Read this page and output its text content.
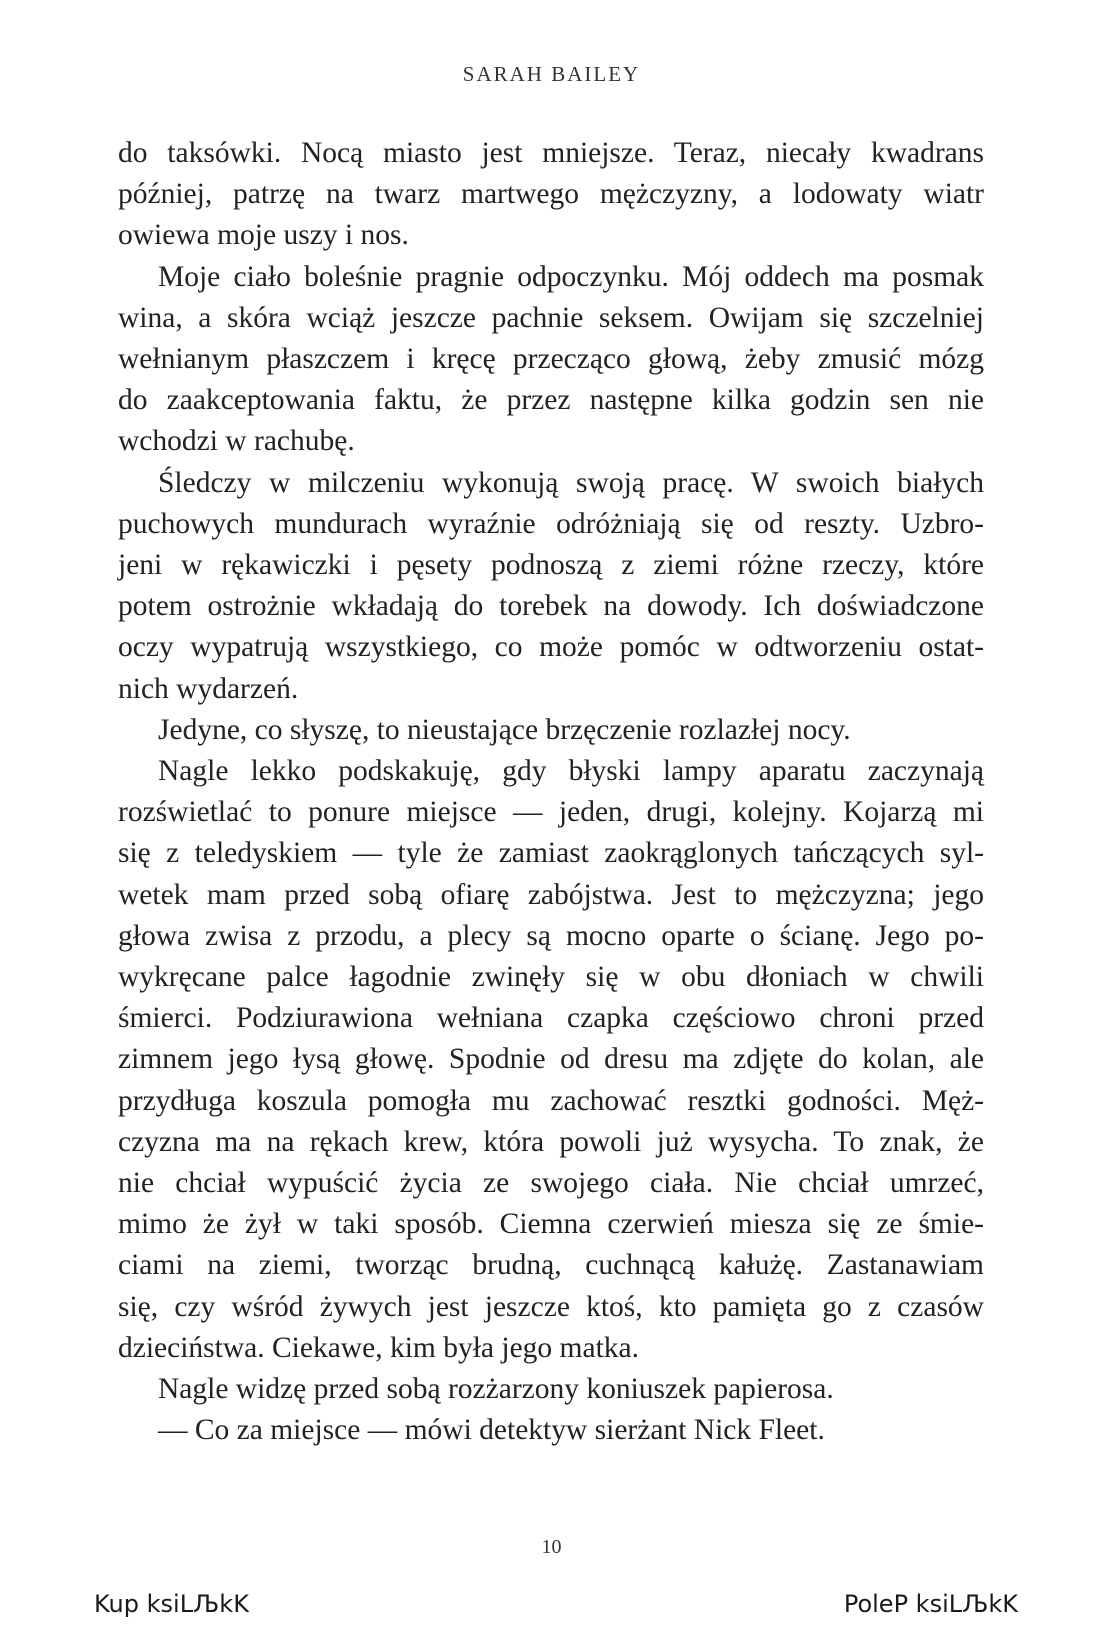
SARAH BAILEY

do taksówki. Nocą miasto jest mniejsze. Teraz, niecały kwadrans
później, patrzę na twarz martwego mężczyzny, a lodowaty wiatr
owiewa moje uszy i nos.

Moje ciało boleśnie pragnie odpoczynku. Mój oddech ma posmak
wina, a skóra wciąż jeszcze pachnie seksem. Owijam się szczelniej
wełnianym płaszczem i kręcę przecząco głową, żeby zmusić mózg
do zaakceptowania faktu, że przez następne kilka godzin sen nie
wchodzi w rachubę.

Śledczy w milczeniu wykonują swoją pracę. W swoich białych
puchowych mundurach wyraźnie odróżniają się od reszty. Uzbro-
jeni w rękawiczki i pęsety podnoszą z ziemi różne rzeczy, które
potem ostrożnie wkładają do torebek na dowody. Ich doświadczone
oczy wypatrują wszystkiego, co może pomóc w odtworzeniu ostat-
nich wydarzeń.

Jedyne, co słyszę, to nieustające brzęczenie rozlazłej nocy.

Nagle lekko podskakuję, gdy błyski lampy aparatu zaczynają
rozświetlać to ponure miejsce — jeden, drugi, kolejny. Kojarzą mi
się z teledyskiem — tyle że zamiast zaokrąglonych tańczących syl-
wetek mam przed sobą ofiarę zabójstwa. Jest to mężczyzna; jego
głowa zwisa z przodu, a plecy są mocno oparte o ścianę. Jego po-
wykręcane palce łagodnie zwinęły się w obu dłoniach w chwili
śmierci. Podziurawiona wełniana czapka częściowo chroni przed
zimnem jego łysą głowę. Spodnie od dresu ma zdjęte do kolan, ale
przydługa koszula pomogła mu zachować resztki godności. Męż-
czyzna ma na rękach krew, która powoli już wysycha. To znak, że
nie chciał wypuścić życia ze swojego ciała. Nie chciał umrzeć,
mimo że żył w taki sposób. Ciemna czerwień miesza się ze śmie-
ciami na ziemi, tworząc brudną, cuchnącą kałużę. Zastanawiam
się, czy wśród żywych jest jeszcze ktoś, kto pamięta go z czasów
dzieciństwa. Ciekawe, kim była jego matka.

Nagle widzę przed sobą rozżarzony koniuszek papierosa.

— Co za miejsce — mówi detektyw sierżant Nick Fleet.

10
Kup ksiLЉkK	PoleP ksiLЉkK
